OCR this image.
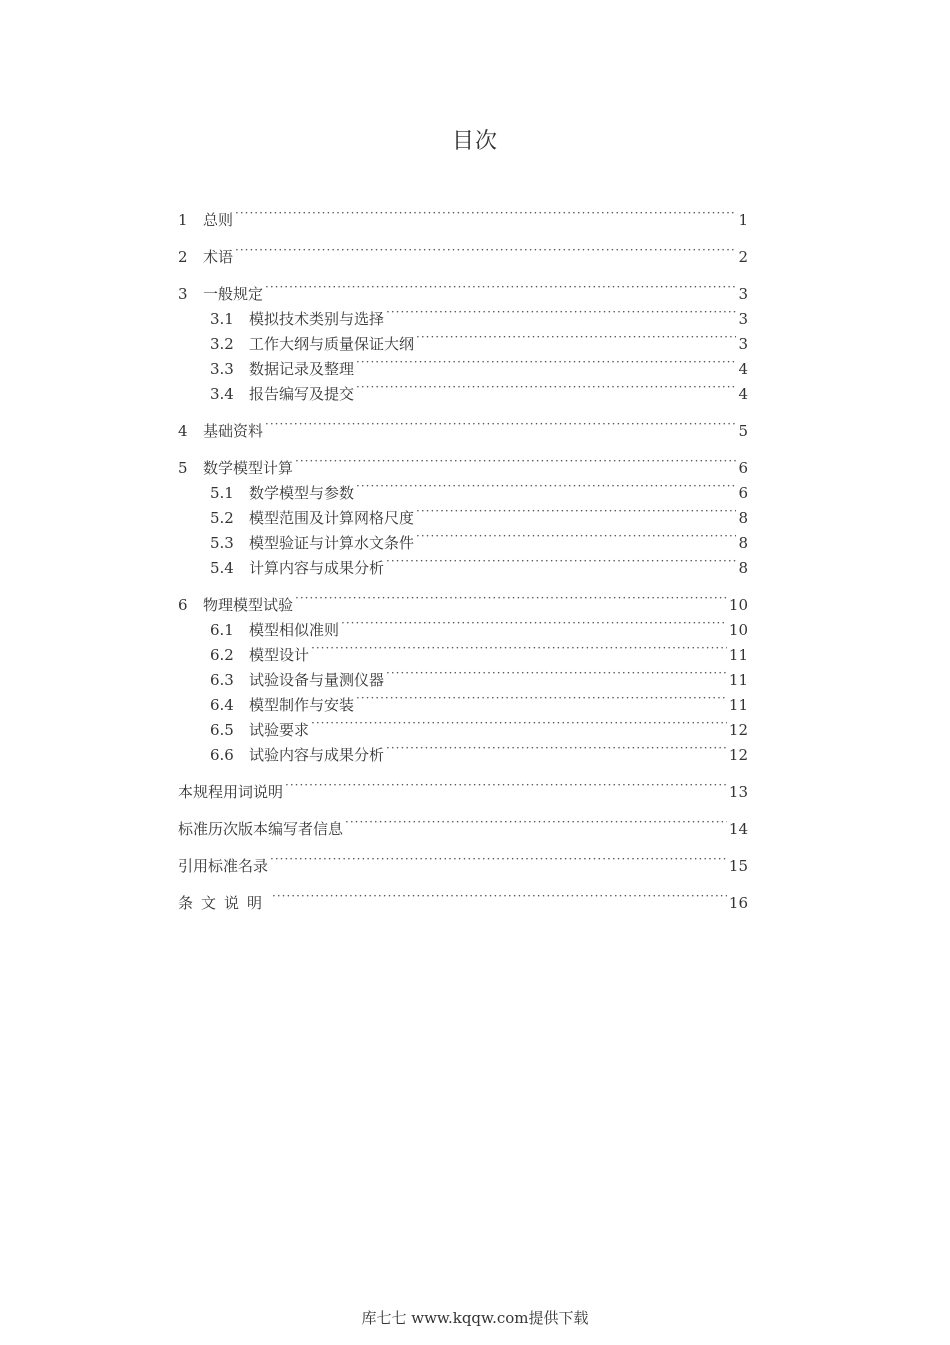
目次
1	总则 ·····	1
2	术语 ·····	2
3	一般规定 ·····	3
3.1	模拟技术类别与选择 ·····	3
3.2	工作大纲与质量保证大纲 ·····	3
3.3	数据记录及整理 ·····	4
3.4	报告编写及提交 ·····	4
4	基础资料 ·····	5
5	数学模型计算 ·····	6
5.1	数学模型与参数 ·····	6
5.2	模型范围及计算网格尺度 ·····	8
5.3	模型验证与计算水文条件 ·····	8
5.4	计算内容与成果分析 ·····	8
6	物理模型试验 ·····	10
6.1	模型相似准则 ·····	10
6.2	模型设计 ·····	11
6.3	试验设备与量测仪器 ·····	11
6.4	模型制作与安装 ·····	11
6.5	试验要求 ·····	12
6.6	试验内容与成果分析 ·····	12
本规程用词说明 ·····	13
标准历次版本编写者信息 ·····	14
引用标准名录 ·····	15
条文说明 ·····	16
库七七 www.kqqw.com提供下载
